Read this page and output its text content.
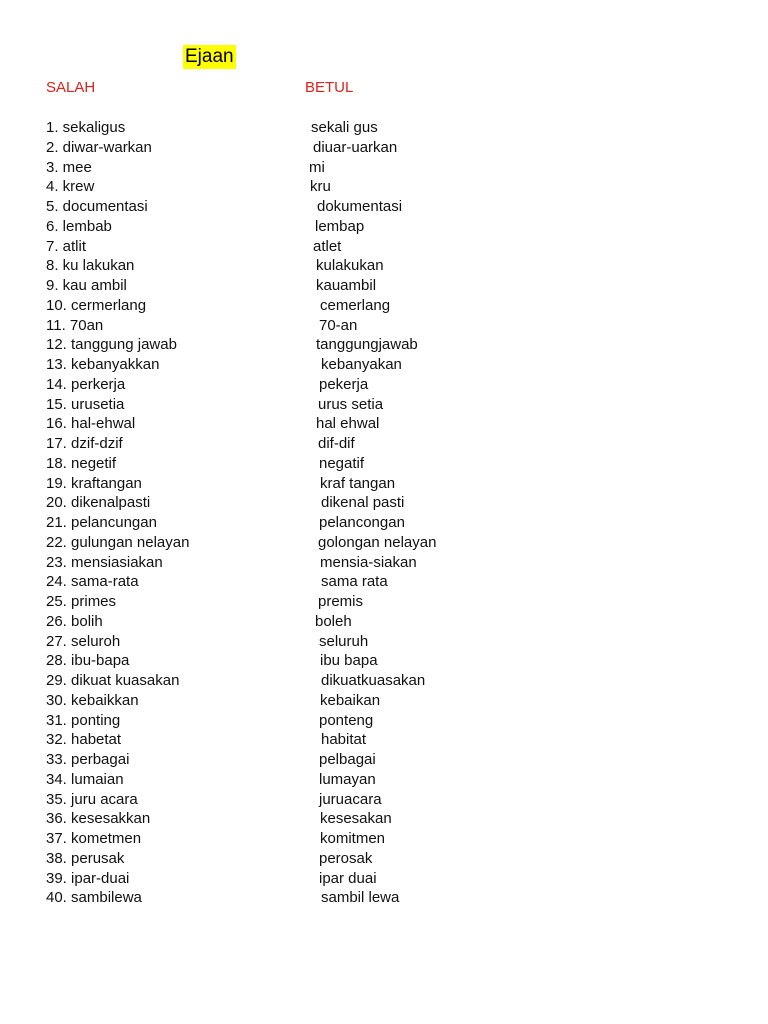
Ejaan
SALAH	BETUL
1. sekaligus	sekali gus
2. diwar-warkan	diuar-uarkan
3. mee	mi
4. krew	kru
5. documentasi	dokumentasi
6. lembab	lembap
7. atlit	atlet
8. ku lakukan	kulakukan
9. kau ambil	kauambil
10. cermerlang	cemerlang
11. 70an	70-an
12. tanggung jawab	tanggungjawab
13. kebanyakkan	kebanyakan
14. perkerja	pekerja
15. urusetia	urus setia
16. hal-ehwal	hal ehwal
17. dzif-dzif	dif-dif
18. negetif	negatif
19. kraftangan	kraf tangan
20. dikenalpasti	dikenal pasti
21. pelancungan	pelancongan
22. gulungan nelayan	golongan nelayan
23. mensiasiakan	mensia-siakan
24. sama-rata	sama rata
25. primes	premis
26. bolih	boleh
27. seluroh	seluruh
28. ibu-bapa	ibu bapa
29. dikuat kuasakan	dikuatkuasakan
30. kebaikkan	kebaikan
31. ponting	ponteng
32. habetat	habitat
33. perbagai	pelbagai
34. lumaian	lumayan
35. juru acara	juruacara
36. kesesakkan	kesesakan
37. kometmen	komitmen
38. perusak	perosak
39. ipar-duai	ipar duai
40. sambilewa	sambil lewa
